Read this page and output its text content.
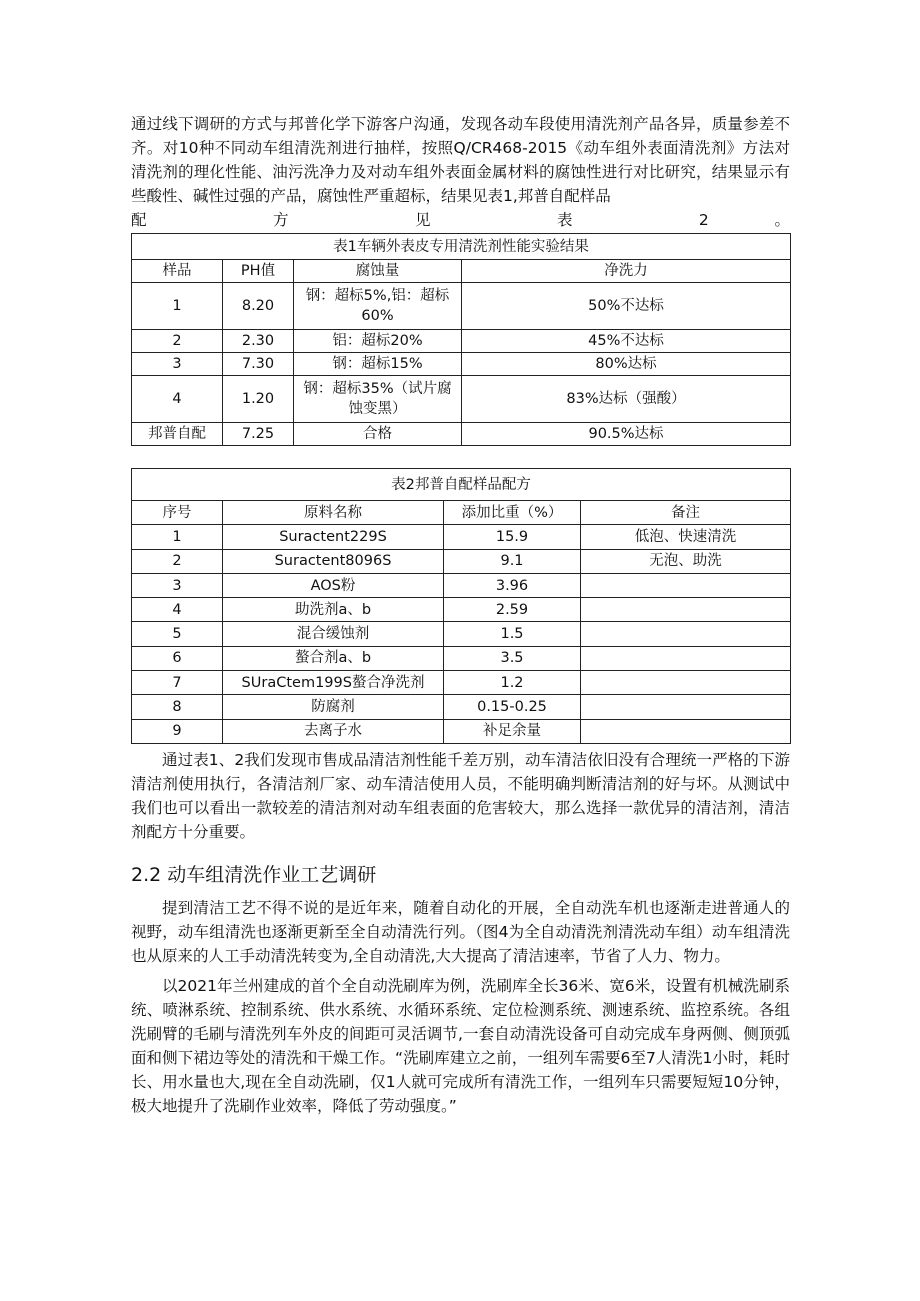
通过线下调研的方式与邦普化学下游客户沟通，发现各动车段使用清洗剂产品各异，质量参差不齐。对10种不同动车组清洗剂进行抽样，按照Q/CR468-2015《动车组外表面清洗剂》方法对清洗剂的理化性能、油污洗净力及对动车组外表面金属材料的腐蚀性进行对比研究，结果显示有些酸性、碱性过强的产品，腐蚀性严重超标，结果见表1,邦普自配样品

配 方 见 表 2 。

表1车辆外表皮专用清洗剂性能实验结果			
样品	PH值	腐蚀量	净洗力
1	8.20	钢：超标5%,铝：超标60%	50%不达标
2	2.30	铝：超标20%	45%不达标
3	7.30	钢：超标15%	80%达标
4	1.20	钢：超标35%（试片腐蚀变黑）	83%达标（强酸）
邦普自配	7.25	合格	90.5%达标
表2邦普自配样品配方			
序号	原料名称	添加比重（%）	备注
1	Suractent229S	15.9	低泡、快速清洗
2	Suractent8096S	9.1	无泡、助洗
3	AOS粉	3.96	
4	助洗剂a、b	2.59	
5	混合缓蚀剂	1.5	
6	螯合剂a、b	3.5	
7	SUraCtem199S螯合净洗剂	1.2	
8	防腐剂	0.15-0.25	
9	去离子水	补足余量	

通过表1、2我们发现市售成品清洁剂性能千差万别，动车清洁依旧没有合理统一严格的下游清洁剂使用执行，各清洁剂厂家、动车清洁使用人员，不能明确判断清洁剂的好与坏。从测试中我们也可以看出一款较差的清洁剂对动车组表面的危害较大，那么选择一款优异的清洁剂，清洁剂配方十分重要。

2.2 动车组清洗作业工艺调研

提到清洁工艺不得不说的是近年来，随着自动化的开展，全自动洗车机也逐渐走进普通人的视野，动车组清洗也逐渐更新至全自动清洗行列。（图4为全自动清洗剂清洗动车组）动车组清洗也从原来的人工手动清洗转变为,全自动清洗,大大提高了清洁速率，节省了人力、物力。

以2021年兰州建成的首个全自动洗刷库为例，洗刷库全长36米、宽6米，设置有机械洗刷系统、喷淋系统、控制系统、供水系统、水循环系统、定位检测系统、测速系统、监控系统。各组洗刷臂的毛刷与清洗列车外皮的间距可灵活调节,一套自动清洗设备可自动完成车身两侧、侧顶弧面和侧下裙边等处的清洗和干燥工作。“洗刷库建立之前，一组列车需要6至7人清洗1小时，耗时长、用水量也大,现在全自动洗刷，仅1人就可完成所有清洗工作，一组列车只需要短短10分钟，极大地提升了洗刷作业效率，降低了劳动强度。”
